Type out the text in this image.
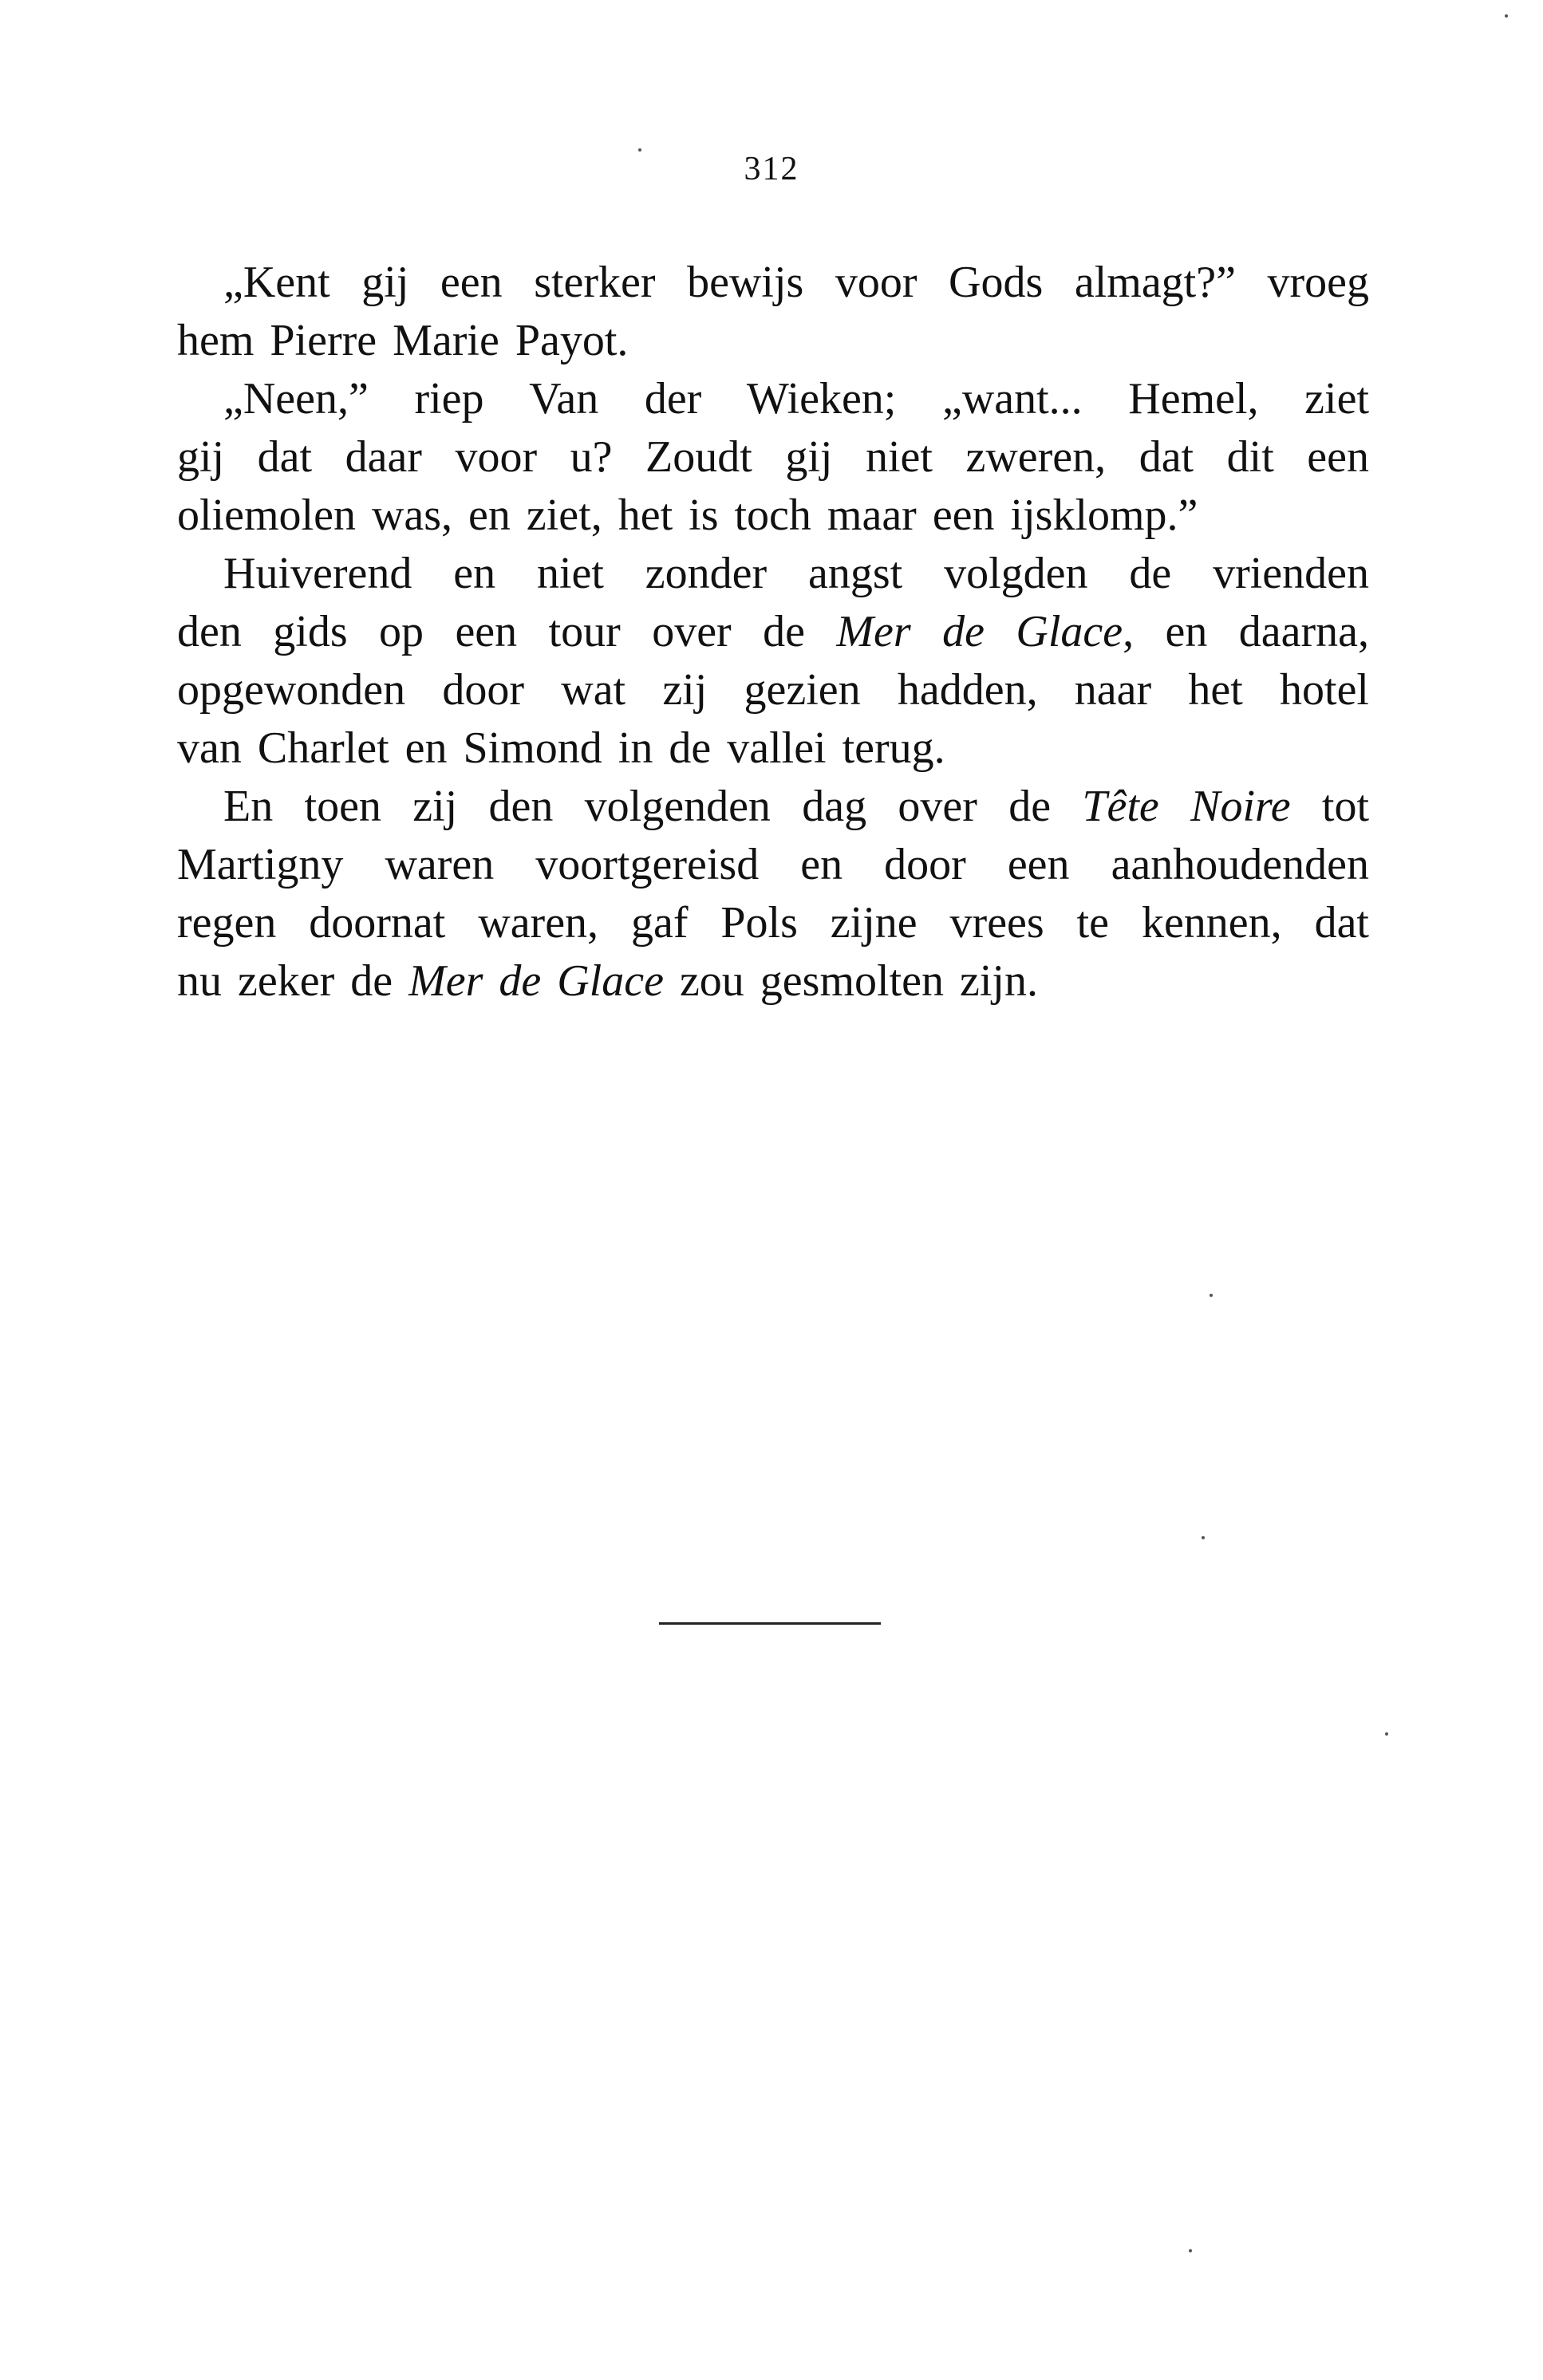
312
„Kent gij een sterker bewijs voor Gods almagt?” vroeg
hem Pierre Marie Payot.
„Neen,” riep Van der Wieken; „want... Hemel, ziet
gij dat daar voor u? Zoudt gij niet zweren, dat dit een
oliemolen was, en ziet, het is toch maar een ijsklomp.”
Huiverend en niet zonder angst volgden de vrienden
den gids op een tour over de Mer de Glace, en daarna,
opgewonden door wat zij gezien hadden, naar het hotel
van Charlet en Simond in de vallei terug.
En toen zij den volgenden dag over de Tête Noire tot
Martigny waren voortgereisd en door een aanhoudenden
regen doornat waren, gaf Pols zijne vrees te kennen, dat
nu zeker de Mer de Glace zou gesmolten zijn.
